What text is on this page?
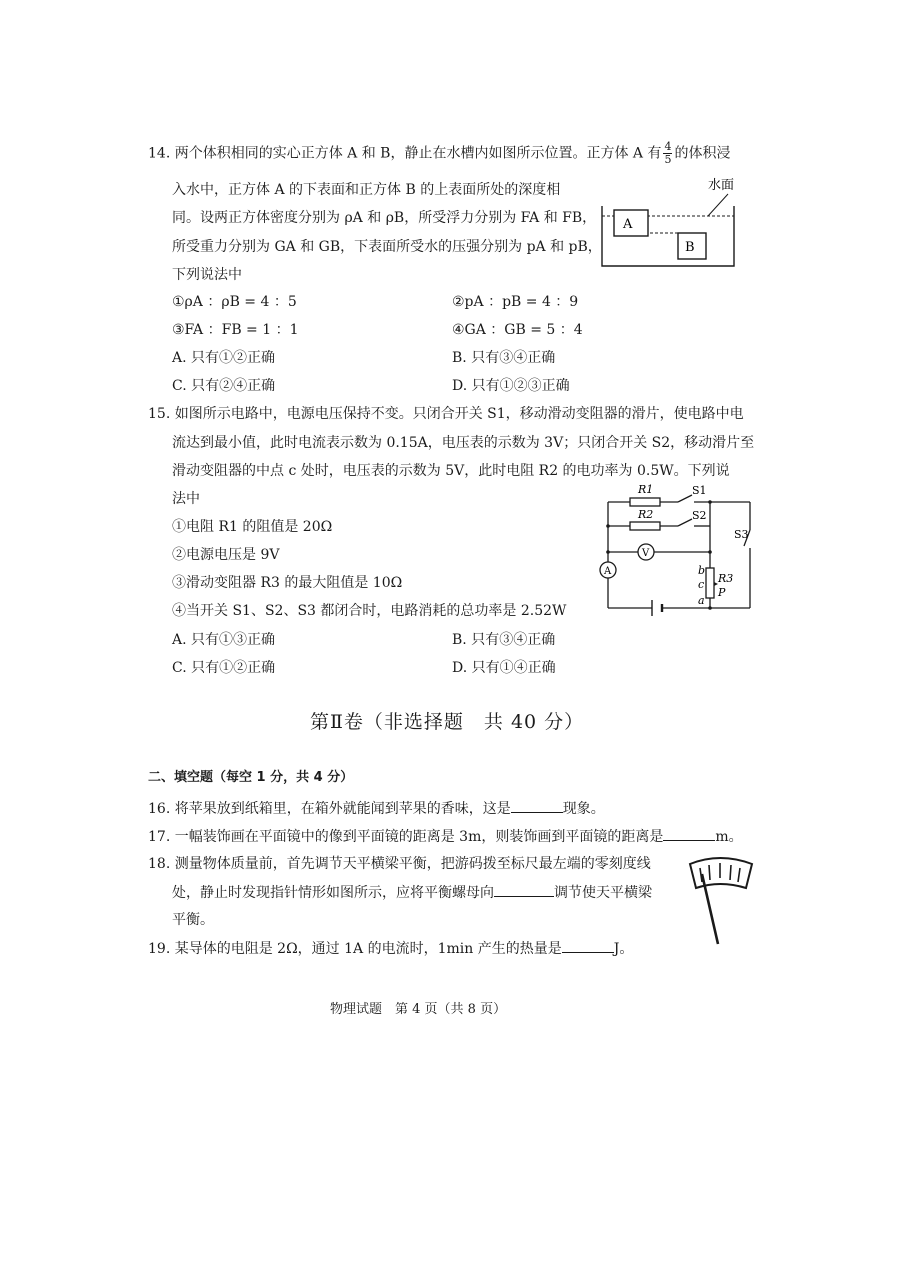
14. 两个体积相同的实心正方体 A 和 B，静止在水槽内如图所示位置。正方体 A 有 $\frac{4}{5}$ 的体积浸
入水中，正方体 A 的下表面和正方体 B 的上表面所处的深度相
同。设两正方体密度分别为 ρA 和 ρB，所受浮力分别为 FA 和 FB，
所受重力分别为 GA 和 GB，下表面所受水的压强分别为 pA 和 pB，
下列说法中
A
B
水面
①ρA ：ρB = 4 ：5	②pA ：pB = 4 ：9
③FA ：FB = 1 ：1	④GA ：GB = 5 ：4
A. 只有①②正确	B. 只有③④正确
C. 只有②④正确	D. 只有①②③正确
15. 如图所示电路中，电源电压保持不变。只闭合开关 S1，移动滑动变阻器的滑片，使电路中电
流达到最小值，此时电流表示数为 0.15A，电压表的示数为 3V；只闭合开关 S2，移动滑片至
滑动变阻器的中点 c 处时，电压表的示数为 5V，此时电阻 R2 的电功率为 0.5W。下列说
法中
①电阻 R1 的阻值是 20Ω
②电源电压是 9V
③滑动变阻器 R3 的最大阻值是 10Ω
④当开关 S1、S2、S3 都闭合时，电路消耗的总功率是 2.52W
A. 只有①③正确	B. 只有③④正确
C. 只有①②正确	D. 只有①④正确
V
A
R1
R2
S1
S2
S3
b
c
a
P
R3
第Ⅱ卷（非选择题　共 40 分）
二、填空题（每空 1 分，共 4 分）
16. 将苹果放到纸箱里，在箱外就能闻到苹果的香味，这是	现象。
17. 一幅装饰画在平面镜中的像到平面镜的距离是 3m，则装饰画到平面镜的距离是	m。
18. 测量物体质量前，首先调节天平横梁平衡，把游码拨至标尺最左端的零刻度线
处，静止时发现指针情形如图所示，应将平衡螺母向	调节使天平横梁
平衡。
19. 某导体的电阻是 2Ω，通过 1A 的电流时，1min 产生的热量是	J。
物理试题　第 4 页（共 8 页）
